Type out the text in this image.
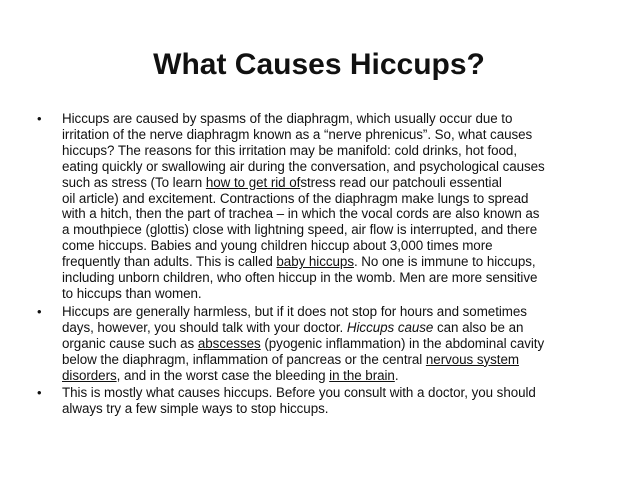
What Causes Hiccups?
• Hiccups are caused by spasms of the diaphragm, which usually occur due to
irritation of the nerve diaphragm known as a “nerve phrenicus”. So, what causes
hiccups? The reasons for this irritation may be manifold: cold drinks, hot food,
eating quickly or swallowing air during the conversation, and psychological causes
such as stress (To learn how to get rid ofstress read our patchouli essential
oil article) and excitement. Contractions of the diaphragm make lungs to spread
with a hitch, then the part of trachea – in which the vocal cords are also known as
a mouthpiece (glottis) close with lightning speed, air flow is interrupted, and there
come hiccups. Babies and young children hiccup about 3,000 times more
frequently than adults. This is called baby hiccups. No one is immune to hiccups,
including unborn children, who often hiccup in the womb. Men are more sensitive
to hiccups than women.
• Hiccups are generally harmless, but if it does not stop for hours and sometimes
days, however, you should talk with your doctor. Hiccups cause can also be an
organic cause such as abscesses (pyogenic inflammation) in the abdominal cavity
below the diaphragm, inflammation of pancreas or the central nervous system
disorders, and in the worst case the bleeding in the brain.
• This is mostly what causes hiccups. Before you consult with a doctor, you should
always try a few simple ways to stop hiccups.
